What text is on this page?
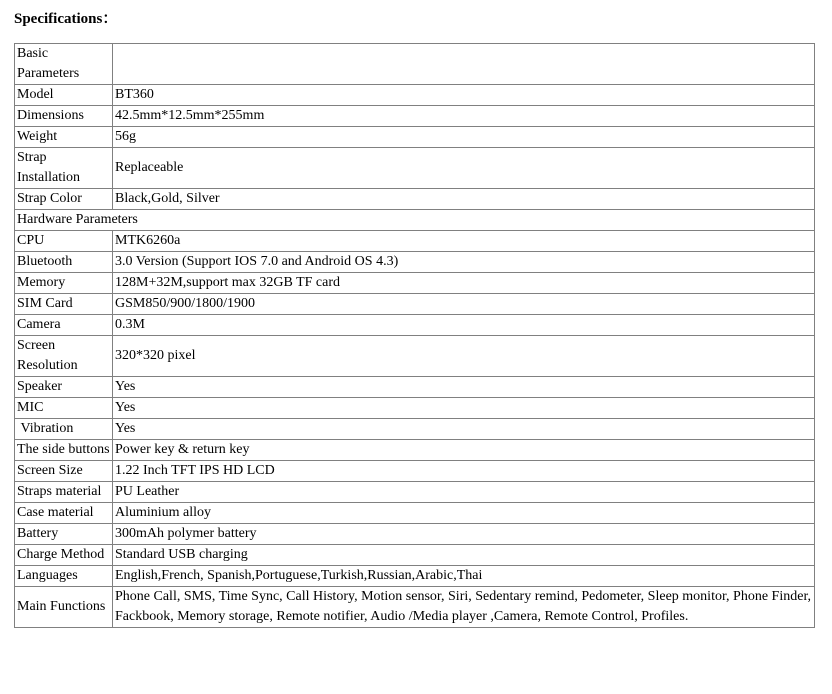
Specifications：
Basic Parameters	
Model	BT360
Dimensions	42.5mm*12.5mm*255mm
Weight	56g
Strap Installation	Replaceable
Strap Color	Black,Gold, Silver
Hardware Parameters	
CPU	MTK6260a
Bluetooth	3.0 Version (Support IOS 7.0 and Android OS 4.3)
Memory	128M+32M,support max 32GB TF card
SIM Card	GSM850/900/1800/1900
Camera	0.3M
Screen Resolution	320*320 pixel
Speaker	Yes
MIC	Yes
Vibration	Yes
The side buttons	Power key & return key
Screen Size	1.22 Inch TFT IPS HD LCD
Straps material	PU Leather
Case material	Aluminium alloy
Battery	300mAh polymer battery
Charge Method	Standard USB charging
Languages	English,French, Spanish,Portuguese,Turkish,Russian,Arabic,Thai
Main Functions	Phone Call, SMS, Time Sync, Call History, Motion sensor, Siri, Sedentary remind, Pedometer, Sleep monitor, Phone Finder, Fackbook, Memory storage, Remote notifier, Audio /Media player ,Camera, Remote Control, Profiles.
